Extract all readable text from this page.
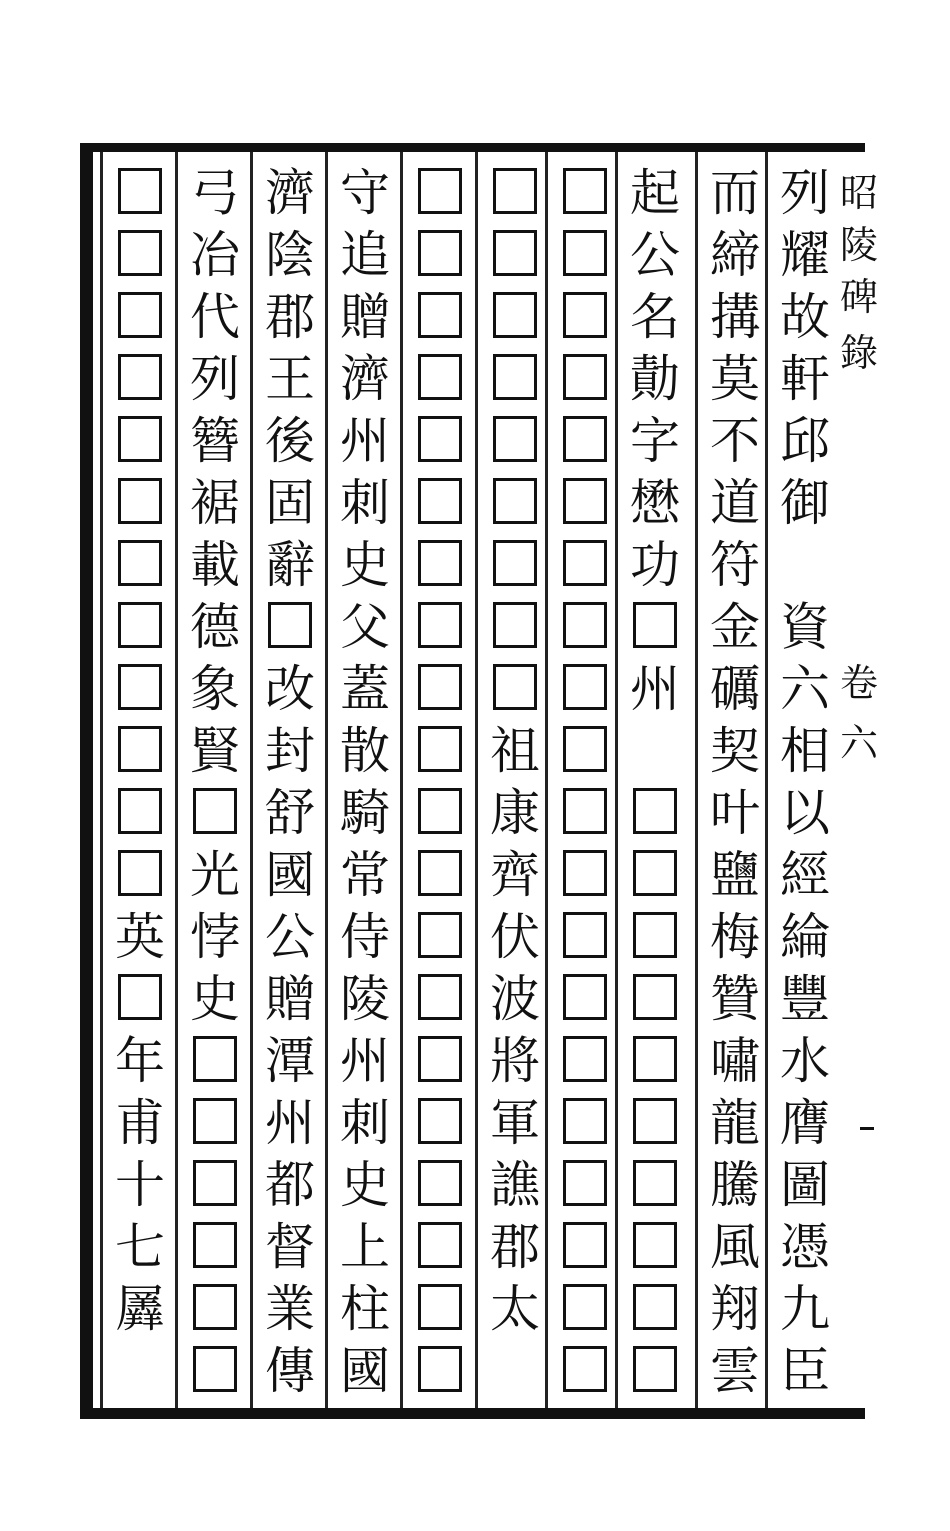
昭
陵
碑
錄
卷
六
列
耀
故
軒
邱
御
資
六
相
以
經
綸
豐
水
膺
圖
憑
九
臣
而
締
搆
莫
不
道
符
金
礪
契
叶
鹽
梅
贊
嘯
龍
騰
風
翔
雲
起
公
名
勣
字
懋
功
州
祖
康
齊
伏
波
將
軍
譙
郡
太
守
追
贈
濟
州
刺
史
父
蓋
散
騎
常
侍
陵
州
刺
史
上
柱
國
濟
陰
郡
王
後
固
辭
改
封
舒
國
公
贈
潭
州
都
督
業
傳
弓
冶
代
列
簪
裾
載
德
象
賢
光
悖
史
英
年
甫
十
七
羼
